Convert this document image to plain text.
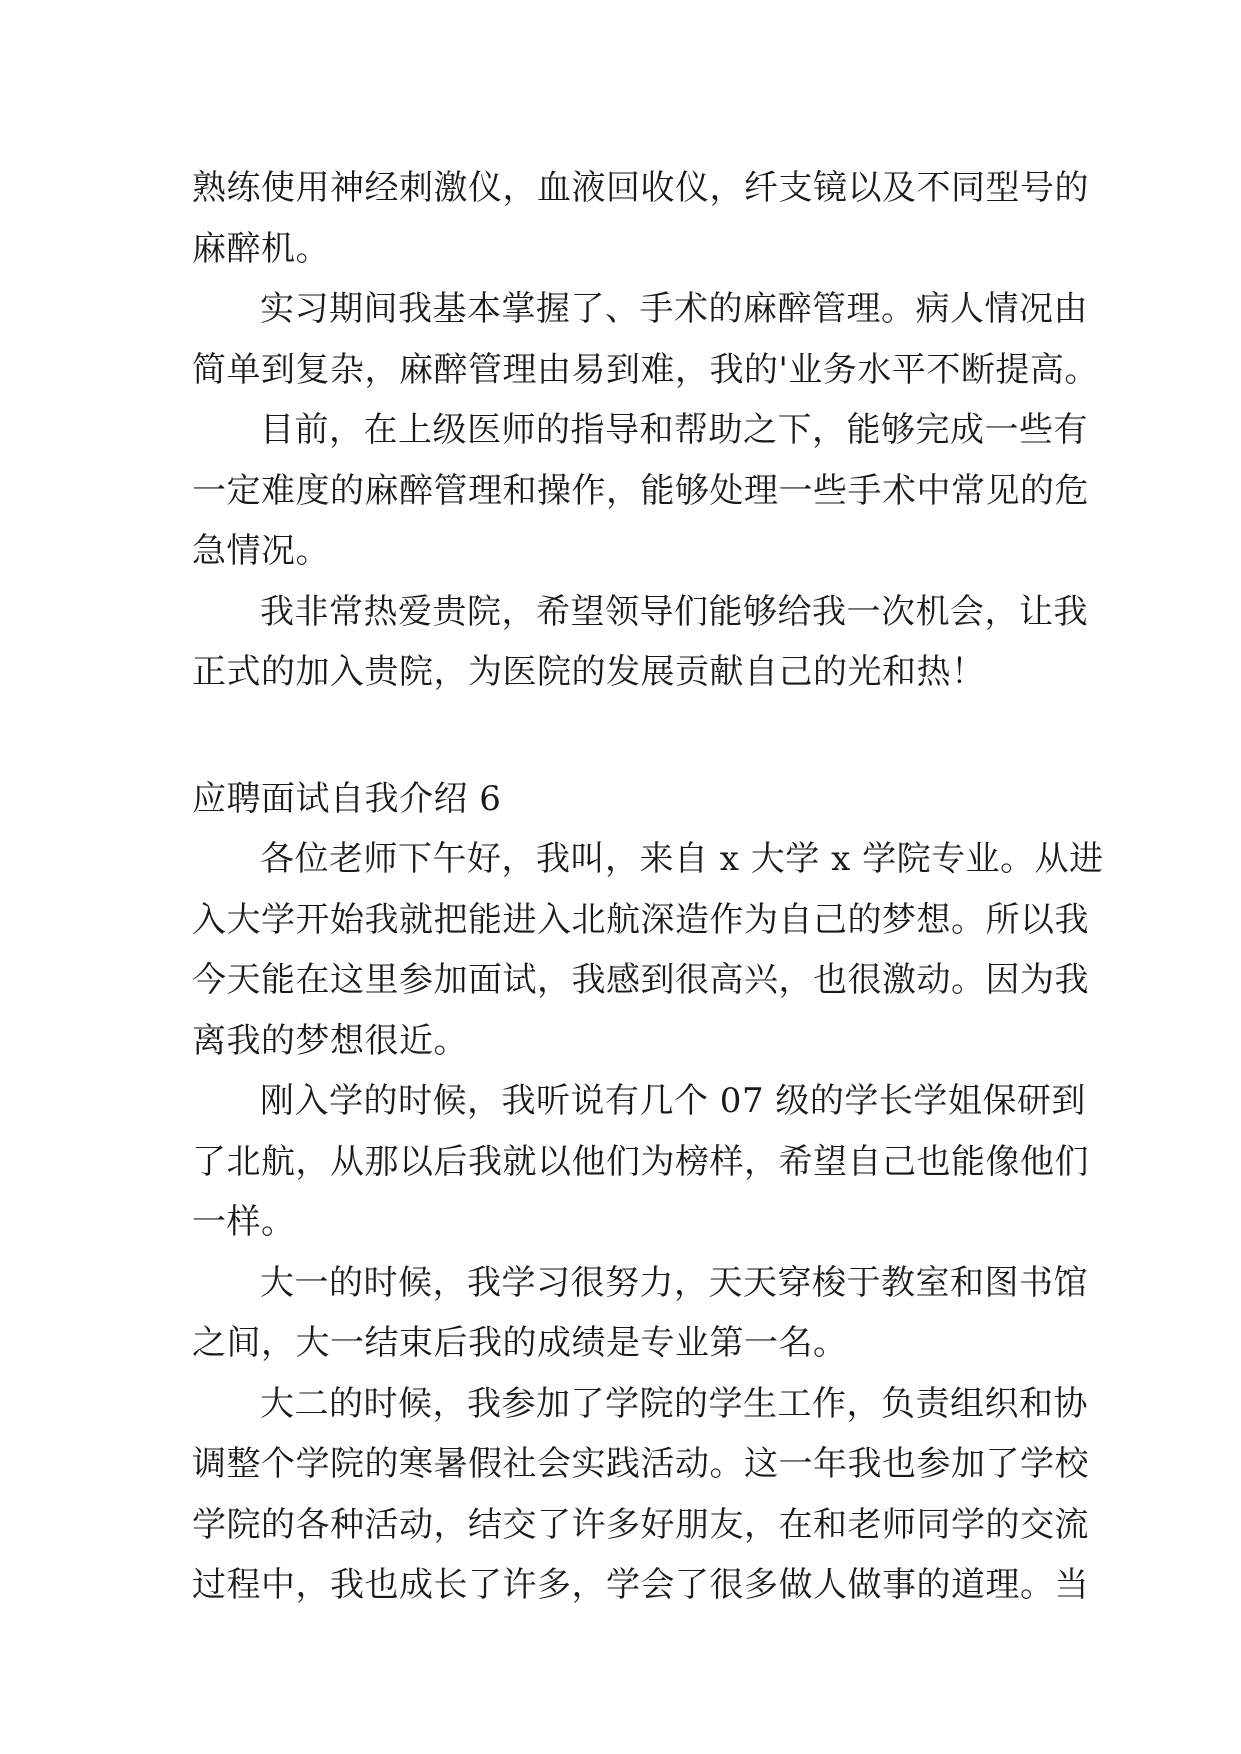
熟练使用神经刺激仪，血液回收仪，纤支镜以及不同型号的
麻醉机。
实习期间我基本掌握了、手术的麻醉管理。病人情况由
简单到复杂，麻醉管理由易到难，我的'业务水平不断提高。
目前，在上级医师的指导和帮助之下，能够完成一些有
一定难度的麻醉管理和操作，能够处理一些手术中常见的危
急情况。
我非常热爱贵院，希望领导们能够给我一次机会，让我
正式的加入贵院，为医院的发展贡献自己的光和热！
应聘面试自我介绍 6
各位老师下午好，我叫，来自 x 大学 x 学院专业。从进
入大学开始我就把能进入北航深造作为自己的梦想。所以我
今天能在这里参加面试，我感到很高兴，也很激动。因为我
离我的梦想很近。
刚入学的时候，我听说有几个 07 级的学长学姐保研到
了北航，从那以后我就以他们为榜样，希望自己也能像他们
一样。
大一的时候，我学习很努力，天天穿梭于教室和图书馆
之间，大一结束后我的成绩是专业第一名。
大二的时候，我参加了学院的学生工作，负责组织和协
调整个学院的寒暑假社会实践活动。这一年我也参加了学校
学院的各种活动，结交了许多好朋友，在和老师同学的交流
过程中，我也成长了许多，学会了很多做人做事的道理。当
